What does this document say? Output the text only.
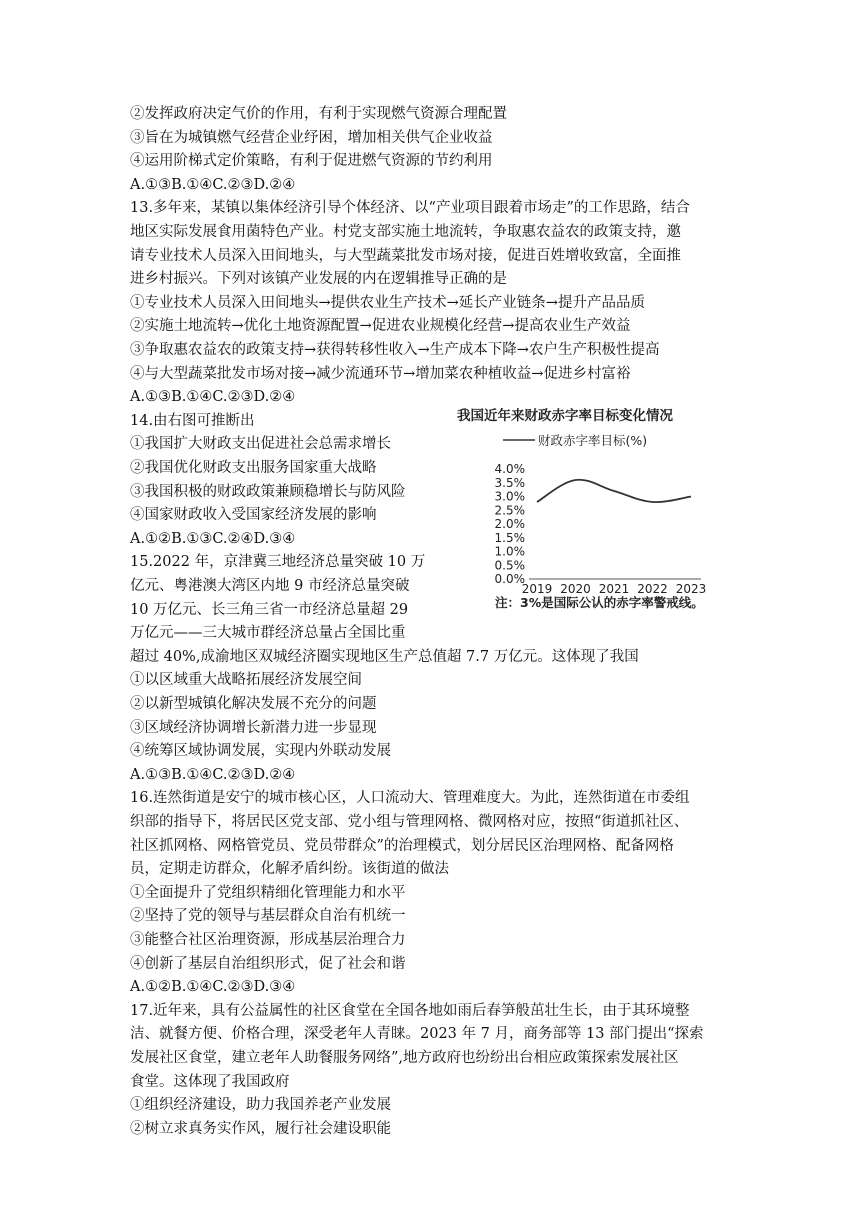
②发挥政府决定气价的作用，有利于实现燃气资源合理配置
③旨在为城镇燃气经营企业纾困，增加相关供气企业收益
④运用阶梯式定价策略，有利于促进燃气资源的节约利用
A.①③B.①④C.②③D.②④
13.多年来，某镇以集体经济引导个体经济、以“产业项目跟着市场走”的工作思路，结合
地区实际发展食用菌特色产业。村党支部实施土地流转，争取惠农益农的政策支持，邀
请专业技术人员深入田间地头，与大型蔬菜批发市场对接，促进百姓增收致富，全面推
进乡村振兴。下列对该镇产业发展的内在逻辑推导正确的是
①专业技术人员深入田间地头→提供农业生产技术→延长产业链条→提升产品品质
②实施土地流转→优化土地资源配置→促进农业规模化经营→提高农业生产效益
③争取惠农益农的政策支持→获得转移性收入→生产成本下降→农户生产积极性提高
④与大型蔬菜批发市场对接→减少流通环节→增加菜农种植收益→促进乡村富裕
A.①③B.①④C.②③D.②④
14.由右图可推断出
①我国扩大财政支出促进社会总需求增长
②我国优化财政支出服务国家重大战略
③我国积极的财政政策兼顾稳增长与防风险
④国家财政收入受国家经济发展的影响
A.①②B.①③C.②④D.③④
15.2022 年，京津冀三地经济总量突破 10 万
亿元、粤港澳大湾区内地 9 市经济总量突破
10 万亿元、长三角三省一市经济总量超 29
万亿元——三大城市群经济总量占全国比重
超过 40%,成渝地区双城经济圈实现地区生产总值超 7.7 万亿元。这体现了我国
①以区域重大战略拓展经济发展空间
②以新型城镇化解决发展不充分的问题
③区域经济协调增长新潜力进一步显现
④统筹区域协调发展，实现内外联动发展
A.①③B.①④C.②③D.②④
16.连然街道是安宁的城市核心区，人口流动大、管理难度大。为此，连然街道在市委组
织部的指导下，将居民区党支部、党小组与管理网格、微网格对应，按照“街道抓社区、
社区抓网格、网格管党员、党员带群众”的治理模式，划分居民区治理网格、配备网格
员，定期走访群众，化解矛盾纠纷。该街道的做法
①全面提升了党组织精细化管理能力和水平
②坚持了党的领导与基层群众自治有机统一
③能整合社区治理资源，形成基层治理合力
④创新了基层自治组织形式，促了社会和谐
A.①②B.①④C.②③D.③④
17.近年来，具有公益属性的社区食堂在全国各地如雨后春笋般茁壮生长，由于其环境整
洁、就餐方便、价格合理，深受老年人青睐。2023 年 7 月，商务部等 13 部门提出“探索
发展社区食堂，建立老年人助餐服务网络”,地方政府也纷纷出台相应政策探索发展社区
食堂。这体现了我国政府
①组织经济建设，助力我国养老产业发展
②树立求真务实作风，履行社会建设职能
我国近年来财政赤字率目标变化情况
财政赤字率目标(%)
0.0%
0.5%
1.0%
1.5%
2.0%
2.5%
3.0%
3.5%
4.0%
2019 2020 2021 2022 2023
注：3%是国际公认的赤字率警戒线。
